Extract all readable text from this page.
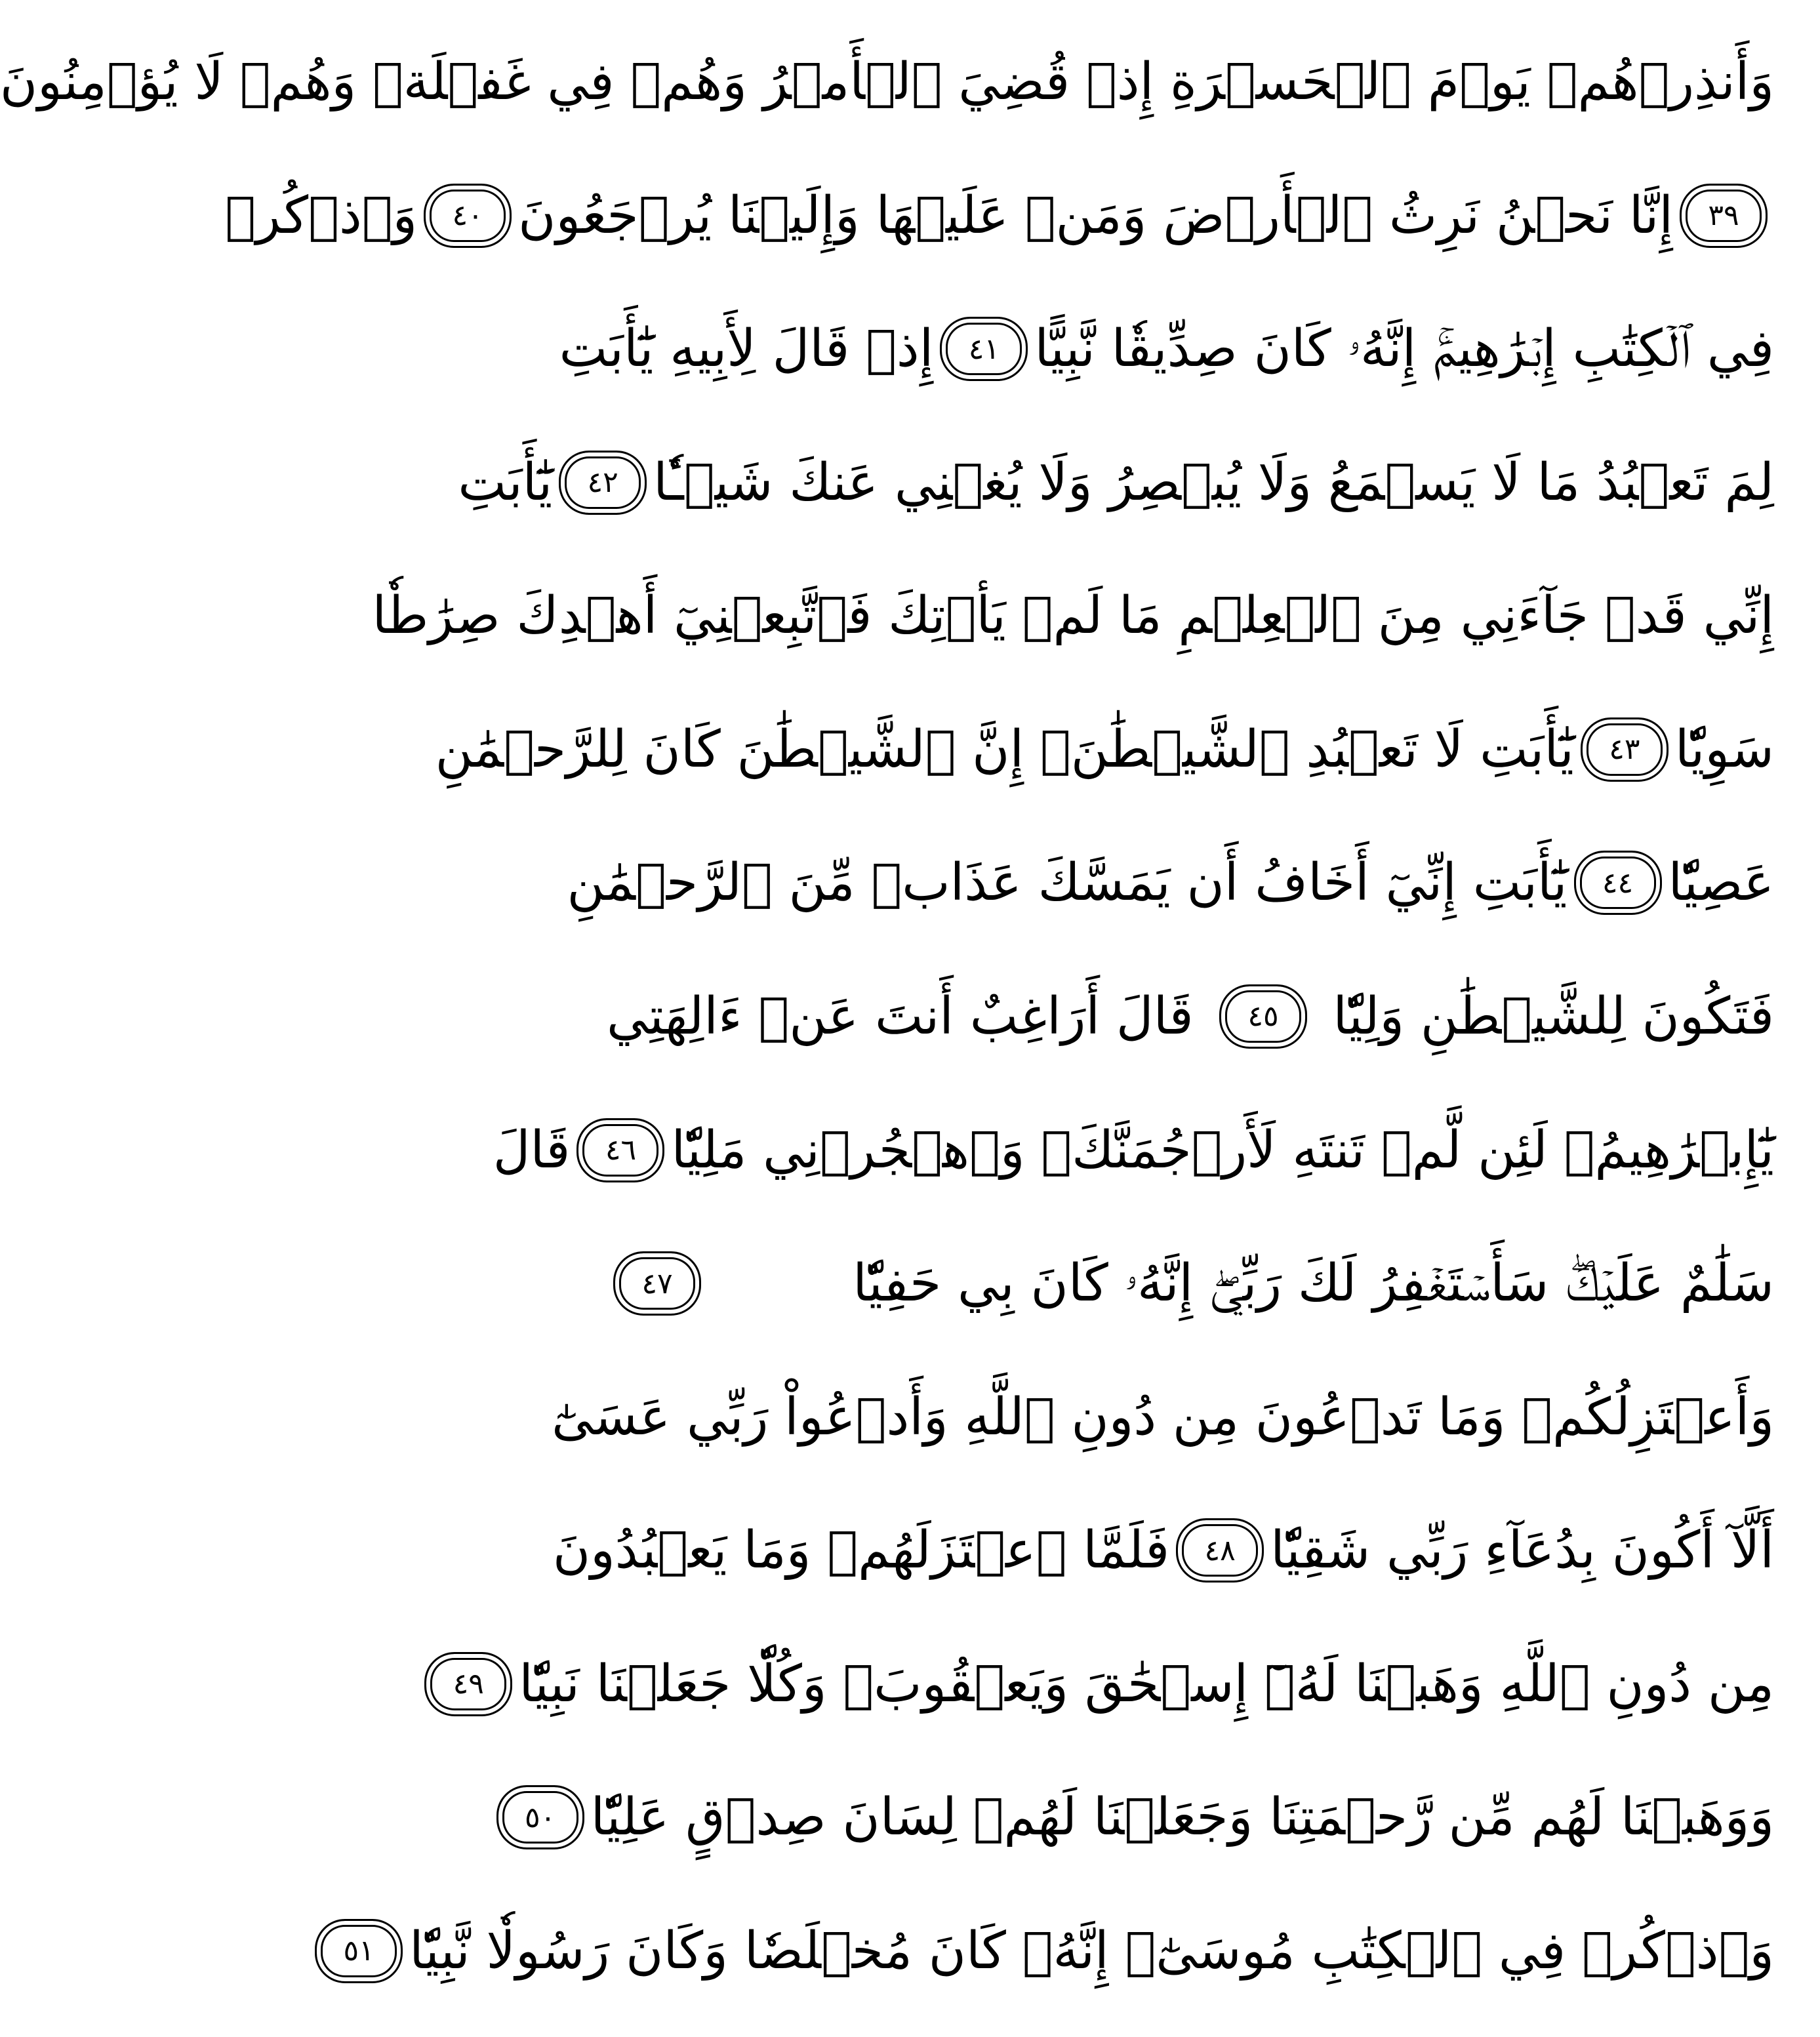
وَأَنذِرۡهُمۡ يَوۡمَ ٱلۡحَسۡرَةِ إِذۡ قُضِيَ ٱلۡأَمۡرُ وَهُمۡ فِي غَفۡلَةٖ وَهُمۡ لَا يُؤۡمِنُونَ
٣٩
إِنَّا نَحۡنُ نَرِثُ ٱلۡأَرۡضَ وَمَنۡ عَلَيۡهَا وَإِلَيۡنَا يُرۡجَعُونَ
٤٠
وَٱذۡكُرۡ
فِي ٱلۡكِتَٰبِ إِبۡرَٰهِيمَۚ إِنَّهُۥ كَانَ صِدِّيقٗا نَّبِيًّا
٤١
إِذۡ قَالَ لِأَبِيهِ يَٰٓأَبَتِ
لِمَ تَعۡبُدُ مَا لَا يَسۡمَعُ وَلَا يُبۡصِرُ وَلَا يُغۡنِي عَنكَ شَيۡـٔٗا
٤٢
يَٰٓأَبَتِ
إِنِّي قَدۡ جَآءَنِي مِنَ ٱلۡعِلۡمِ مَا لَمۡ يَأۡتِكَ فَٱتَّبِعۡنِيٓ أَهۡدِكَ صِرَٰطٗا
سَوِيّٗا
٤٣
يَٰٓأَبَتِ لَا تَعۡبُدِ ٱلشَّيۡطَٰنَۖ إِنَّ ٱلشَّيۡطَٰنَ كَانَ لِلرَّحۡمَٰنِ
عَصِيّٗا
٤٤
يَٰٓأَبَتِ إِنِّيٓ أَخَافُ أَن يَمَسَّكَ عَذَابٞ مِّنَ ٱلرَّحۡمَٰنِ
فَتَكُونَ لِلشَّيۡطَٰنِ وَلِيّٗا
٤٥
قَالَ أَرَاغِبٌ أَنتَ عَنۡ ءَالِهَتِي
يَٰٓإِبۡرَٰهِيمُۖ لَئِن لَّمۡ تَنتَهِ لَأَرۡجُمَنَّكَۖ وَٱهۡجُرۡنِي مَلِيّٗا
٤٦
قَالَ
سَلَٰمٌ عَلَيۡكَۖ سَأَسۡتَغۡفِرُ لَكَ رَبِّيٓۖ إِنَّهُۥ كَانَ بِي حَفِيّٗا
٤٧
وَأَعۡتَزِلُكُمۡ وَمَا تَدۡعُونَ مِن دُونِ ٱللَّهِ وَأَدۡعُواْ رَبِّي عَسَىٰٓ
أَلَّآ أَكُونَ بِدُعَآءِ رَبِّي شَقِيّٗا
٤٨
فَلَمَّا ٱعۡتَزَلَهُمۡ وَمَا يَعۡبُدُونَ
مِن دُونِ ٱللَّهِ وَهَبۡنَا لَهُۥٓ إِسۡحَٰقَ وَيَعۡقُوبَۖ وَكُلّٗا جَعَلۡنَا نَبِيّٗا
٤٩
وَوَهَبۡنَا لَهُم مِّن رَّحۡمَتِنَا وَجَعَلۡنَا لَهُمۡ لِسَانَ صِدۡقٍ عَلِيّٗا
٥٠
وَٱذۡكُرۡ فِي ٱلۡكِتَٰبِ مُوسَىٰٓۚ إِنَّهُۥ كَانَ مُخۡلَصٗا وَكَانَ رَسُولٗا نَّبِيّٗا
٥١
